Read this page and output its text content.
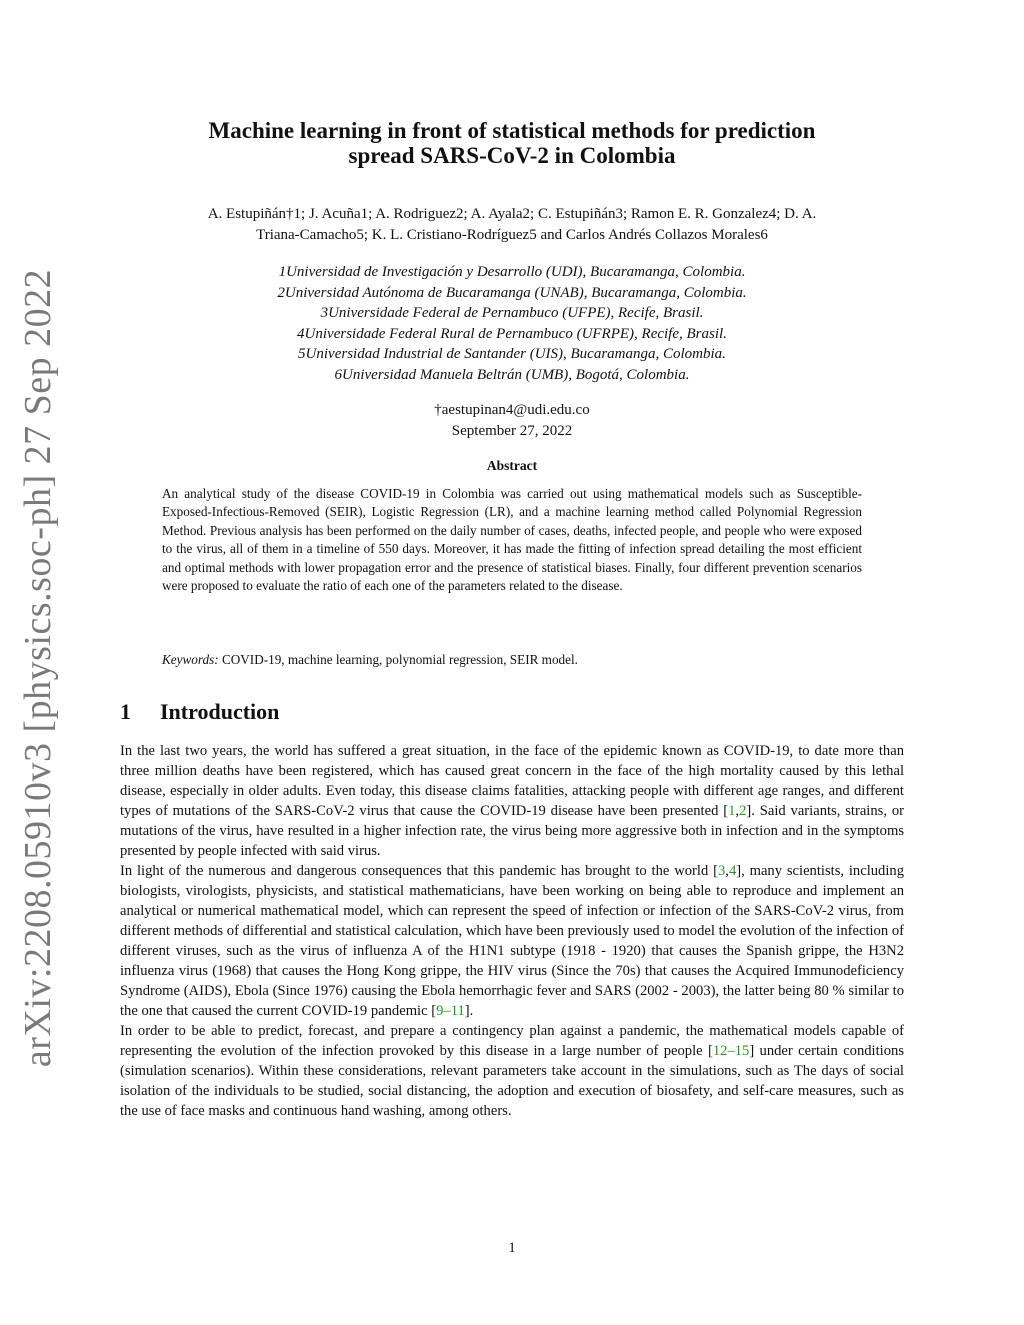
arXiv:2208.05910v3 [physics.soc-ph] 27 Sep 2022
Machine learning in front of statistical methods for prediction
spread SARS-CoV-2 in Colombia
A. Estupiñán†1; J. Acuña1; A. Rodriguez2; A. Ayala2; C. Estupiñán3; Ramon E. R. Gonzalez4; D. A.
Triana-Camacho5; K. L. Cristiano-Rodríguez5 and Carlos Andrés Collazos Morales6
1Universidad de Investigación y Desarrollo (UDI), Bucaramanga, Colombia.
2Universidad Autónoma de Bucaramanga (UNAB), Bucaramanga, Colombia.
3Universidade Federal de Pernambuco (UFPE), Recife, Brasil.
4Universidade Federal Rural de Pernambuco (UFRPE), Recife, Brasil.
5Universidad Industrial de Santander (UIS), Bucaramanga, Colombia.
6Universidad Manuela Beltrán (UMB), Bogotá, Colombia.
†aestupinan4@udi.edu.co
September 27, 2022
Abstract

An analytical study of the disease COVID-19 in Colombia was carried out using mathematical models such as Susceptible-Exposed-Infectious-Removed (SEIR), Logistic Regression (LR), and a machine learning method called Polynomial Regression Method. Previous analysis has been performed on the daily number of cases, deaths, infected people, and people who were exposed to the virus, all of them in a timeline of 550 days. Moreover, it has made the fitting of infection spread detailing the most efficient and optimal methods with lower propagation error and the presence of statistical biases. Finally, four different prevention scenarios were proposed to evaluate the ratio of each one of the parameters related to the disease.

Keywords: COVID-19, machine learning, polynomial regression, SEIR model.
1 Introduction

In the last two years, the world has suffered a great situation, in the face of the epidemic known as COVID-19, to date more than three million deaths have been registered, which has caused great concern in the face of the high mortality caused by this lethal disease, especially in older adults. Even today, this disease claims fatalities, attacking people with different age ranges, and different types of mutations of the SARS-CoV-2 virus that cause the COVID-19 disease have been presented [1,2]. Said variants, strains, or mutations of the virus, have resulted in a higher infection rate, the virus being more aggressive both in infection and in the symptoms presented by people infected with said virus.

In light of the numerous and dangerous consequences that this pandemic has brought to the world [3,4], many scientists, including biologists, virologists, physicists, and statistical mathematicians, have been working on being able to reproduce and implement an analytical or numerical mathematical model, which can represent the speed of infection or infection of the SARS-CoV-2 virus, from different methods of differential and statistical calculation, which have been previously used to model the evolution of the infection of different viruses, such as the virus of influenza A of the H1N1 subtype (1918 - 1920) that causes the Spanish grippe, the H3N2 influenza virus (1968) that causes the Hong Kong grippe, the HIV virus (Since the 70s) that causes the Acquired Immunodeficiency Syndrome (AIDS), Ebola (Since 1976) causing the Ebola hemorrhagic fever and SARS (2002 - 2003), the latter being 80 % similar to the one that caused the current COVID-19 pandemic [9–11].

In order to be able to predict, forecast, and prepare a contingency plan against a pandemic, the mathematical models capable of representing the evolution of the infection provoked by this disease in a large number of people [12–15] under certain conditions (simulation scenarios). Within these considerations, relevant parameters take account in the simulations, such as The days of social isolation of the individuals to be studied, social distancing, the adoption and execution of biosafety, and self-care measures, such as the use of face masks and continuous hand washing, among others.

1
